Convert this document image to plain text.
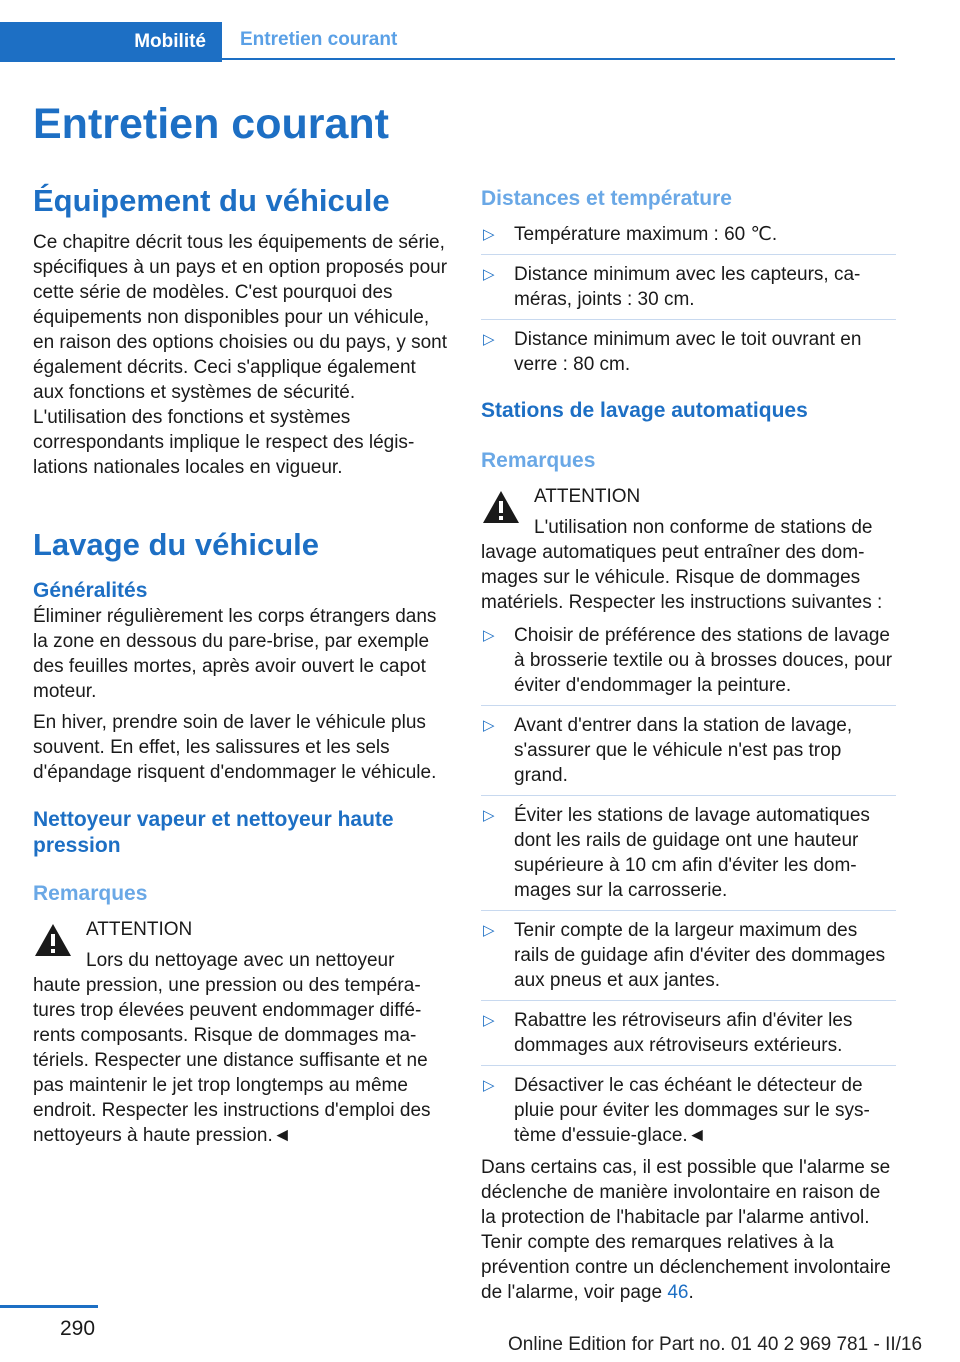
Mobilité	Entretien courant
Entretien courant
Équipement du véhicule

Ce chapitre décrit tous les équipements de série, spécifiques à un pays et en option proposés pour cette série de modèles. C'est pourquoi des équipements non disponibles pour un véhicule, en raison des options choisies ou du pays, y sont également décrits. Ceci s'applique également aux fonctions et systèmes de sécurité. L'utilisation des fonctions et systèmes correspondants implique le respect des législations nationales locales en vigueur.

Lavage du véhicule
Généralités

Éliminer régulièrement les corps étrangers dans la zone en dessous du pare-brise, par exemple des feuilles mortes, après avoir ouvert le capot moteur.

En hiver, prendre soin de laver le véhicule plus souvent. En effet, les salissures et les sels d'épandage risquent d'endommager le véhicule.

Nettoyeur vapeur et nettoyeur haute pression
Remarques
ATTENTION
Lors du nettoyage avec un nettoyeur
haute pression, une pression ou des températures trop élevées peuvent endommager différents composants. Risque de dommages matériels. Respecter une distance suffisante et ne pas maintenir le jet trop longtemps au même endroit. Respecter les instructions d'emploi des nettoyeurs à haute pression.◄
Distances et température
▷ Température maximum : 60 ℃.
▷ Distance minimum avec les capteurs, caméras, joints : 30 cm.
▷ Distance minimum avec le toit ouvrant en verre : 80 cm.
Stations de lavage automatiques
Remarques
ATTENTION
L'utilisation non conforme de stations de
lavage automatiques peut entraîner des dommages sur le véhicule. Risque de dommages matériels. Respecter les instructions suivantes :
▷ Choisir de préférence des stations de lavage à brosserie textile ou à brosses douces, pour éviter d'endommager la peinture.
▷ Avant d'entrer dans la station de lavage, s'assurer que le véhicule n'est pas trop grand.
▷ Éviter les stations de lavage automatiques dont les rails de guidage ont une hauteur supérieure à 10 cm afin d'éviter les dommages sur la carrosserie.
▷ Tenir compte de la largeur maximum des rails de guidage afin d'éviter des dommages aux pneus et aux jantes.
▷ Rabattre les rétroviseurs afin d'éviter les dommages aux rétroviseurs extérieurs.
▷ Désactiver le cas échéant le détecteur de pluie pour éviter les dommages sur le système d'essuie-glace.◄

Dans certains cas, il est possible que l'alarme se déclenche de manière involontaire en raison de la protection de l'habitacle par l'alarme antivol. Tenir compte des remarques relatives à la prévention contre un déclenchement involontaire de l'alarme, voir page 46.

290
Online Edition for Part no. 01 40 2 969 781 - II/16
